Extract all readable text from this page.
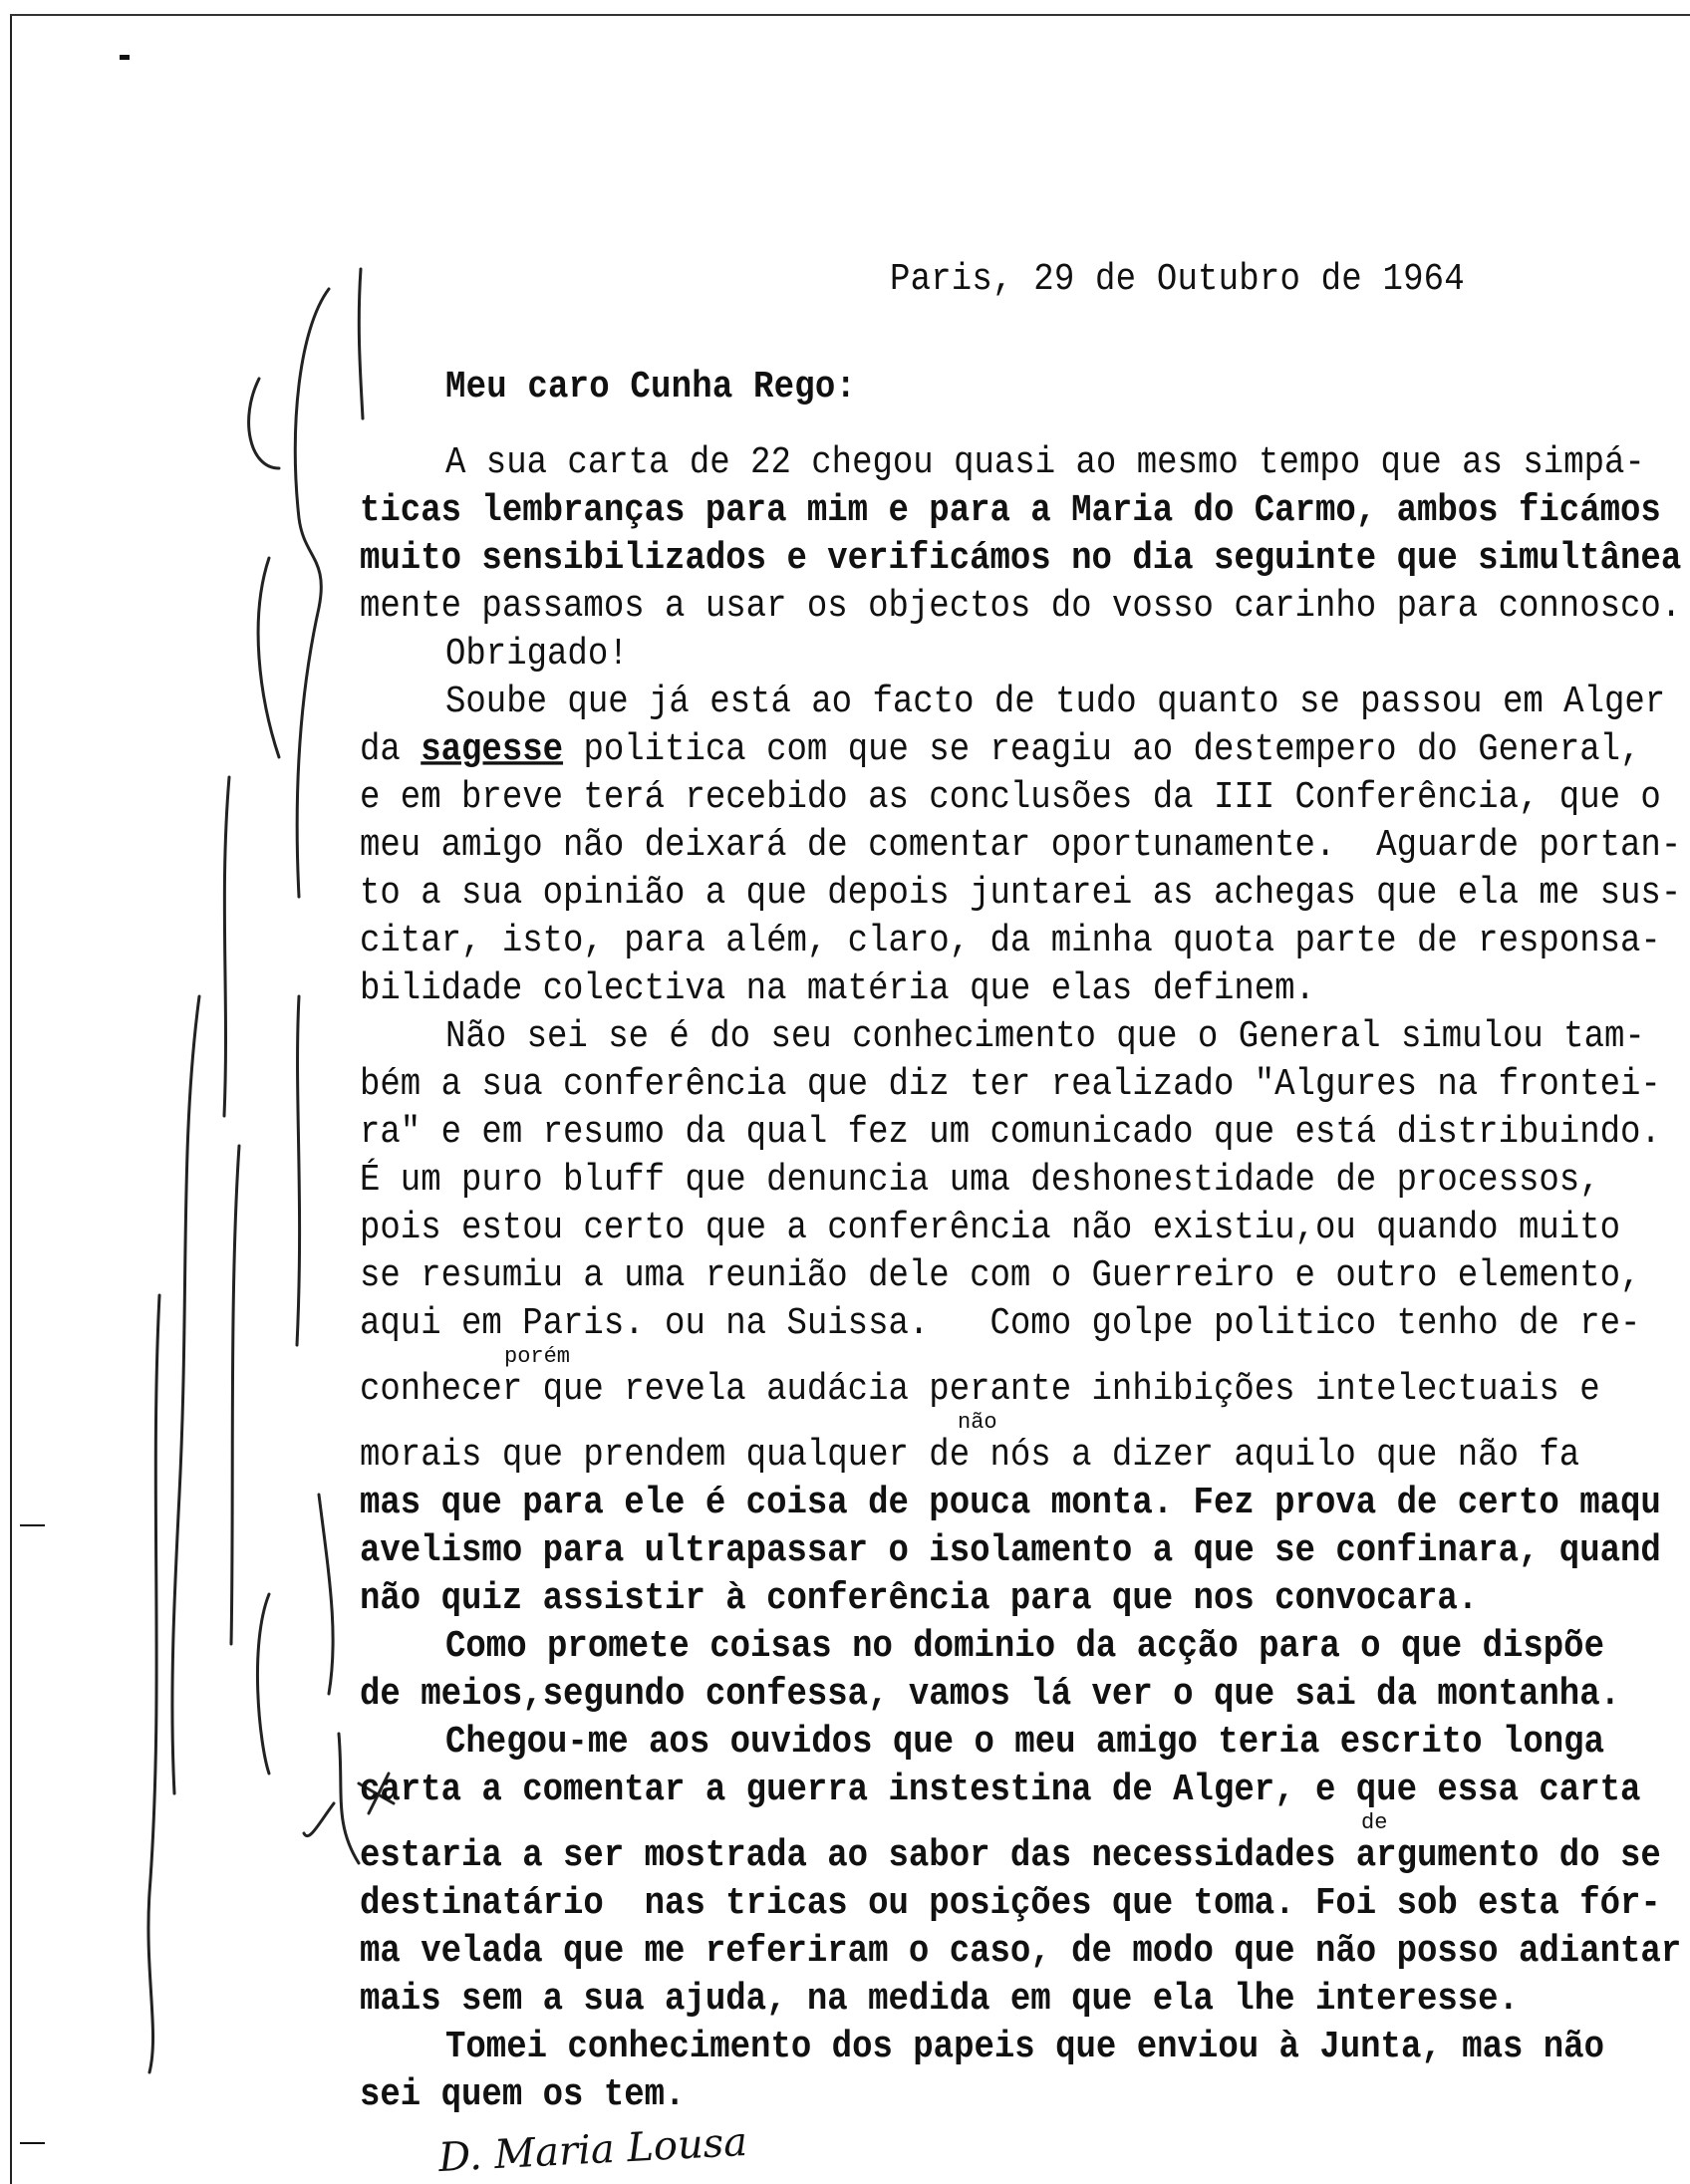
Paris, 29 de Outubro de 1964
Meu caro Cunha Rego:
A sua carta de 22 chegou quasi ao mesmo tempo que as simpá-
ticas lembranças para mim e para a Maria do Carmo, ambos ficámos
muito sensibilizados e verificámos no dia seguinte que simultânea
mente passamos a usar os objectos do vosso carinho para connosco.
Obrigado!
Soube que já está ao facto de tudo quanto se passou em Alger
da sagesse politica com que se reagiu ao destempero do General,
e em breve terá recebido as conclusões da III Conferência, que o
meu amigo não deixará de comentar oportunamente.  Aguarde portan-
to a sua opinião a que depois juntarei as achegas que ela me sus-
citar, isto, para além, claro, da minha quota parte de responsa-
bilidade colectiva na matéria que elas definem.
Não sei se é do seu conhecimento que o General simulou tam-
bém a sua conferência que diz ter realizado "Algures na frontei-
ra" e em resumo da qual fez um comunicado que está distribuindo.
É um puro bluff que denuncia uma deshonestidade de processos,
pois estou certo que a conferência não existiu,ou quando muito
se resumiu a uma reunião dele com o Guerreiro e outro elemento,
aqui em Paris. ou na Suissa.   Como golpe politico tenho de re-
porém
conhecer que revela audácia perante inhibições intelectuais e
não
morais que prendem qualquer de nós a dizer aquilo que não fa
mas que para ele é coisa de pouca monta. Fez prova de certo maqu
avelismo para ultrapassar o isolamento a que se confinara, quand
não quiz assistir à conferência para que nos convocara.
Como promete coisas no dominio da acção para o que dispõe
de meios,segundo confessa, vamos lá ver o que sai da montanha.
Chegou-me aos ouvidos que o meu amigo teria escrito longa
carta a comentar a guerra instestina de Alger, e que essa carta
de
estaria a ser mostrada ao sabor das necessidades argumento do se
destinatário  nas tricas ou posições que toma. Foi sob esta fór-
ma velada que me referiram o caso, de modo que não posso adiantar
mais sem a sua ajuda, na medida em que ela lhe interesse.
Tomei conhecimento dos papeis que enviou à Junta, mas não
sei quem os tem.
D. Maria Lousa
